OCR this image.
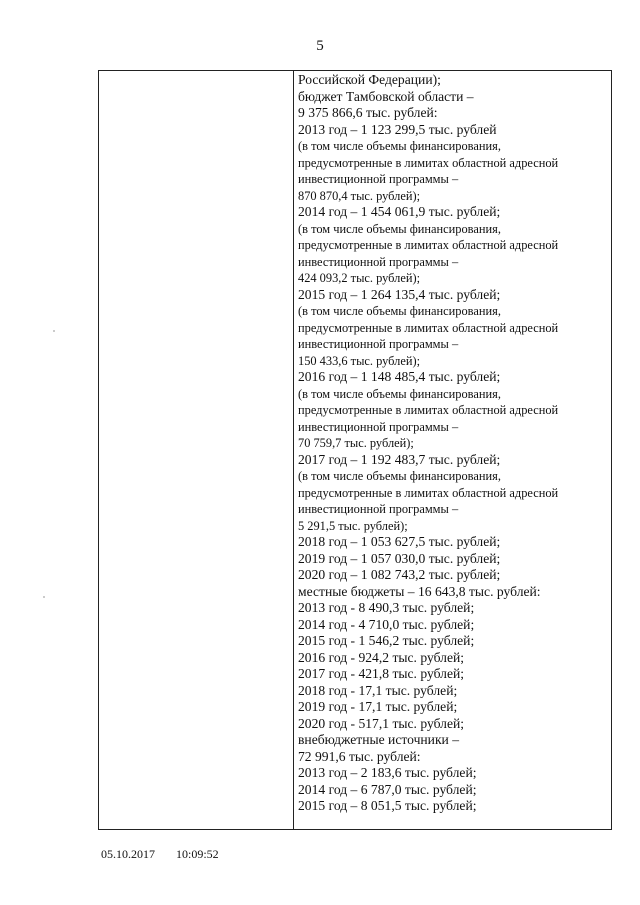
5
Российской Федерации);
бюджет Тамбовской области –
9 375 866,6 тыс. рублей:
2013 год – 1 123 299,5 тыс. рублей
(в том числе объемы финансирования,
предусмотренные в лимитах областной адресной
инвестиционной программы –
870 870,4 тыс. рублей);
2014 год – 1 454 061,9 тыс. рублей;
(в том числе объемы финансирования,
предусмотренные в лимитах областной адресной
инвестиционной программы –
424 093,2 тыс. рублей);
2015 год – 1 264 135,4 тыс. рублей;
(в том числе объемы финансирования,
предусмотренные в лимитах областной адресной
инвестиционной программы –
150 433,6 тыс. рублей);
2016 год – 1 148 485,4 тыс. рублей;
(в том числе объемы финансирования,
предусмотренные в лимитах областной адресной
инвестиционной программы –
70 759,7 тыс. рублей);
2017 год – 1 192 483,7 тыс. рублей;
(в том числе объемы финансирования,
предусмотренные в лимитах областной адресной
инвестиционной программы –
5 291,5 тыс. рублей);
2018 год – 1 053 627,5 тыс. рублей;
2019 год – 1 057 030,0 тыс. рублей;
2020 год – 1 082 743,2 тыс. рублей;
местные бюджеты – 16 643,8 тыс. рублей:
2013 год - 8 490,3 тыс. рублей;
2014 год - 4 710,0 тыс. рублей;
2015 год - 1 546,2 тыс. рублей;
2016 год - 924,2 тыс. рублей;
2017 год - 421,8 тыс. рублей;
2018 год - 17,1 тыс. рублей;
2019 год - 17,1 тыс. рублей;
2020 год - 517,1 тыс. рублей;
внебюджетные источники –
72 991,6 тыс. рублей:
2013 год – 2 183,6 тыс. рублей;
2014 год – 6 787,0 тыс. рублей;
2015 год – 8 051,5 тыс. рублей;
05.10.2017 10:09:52
